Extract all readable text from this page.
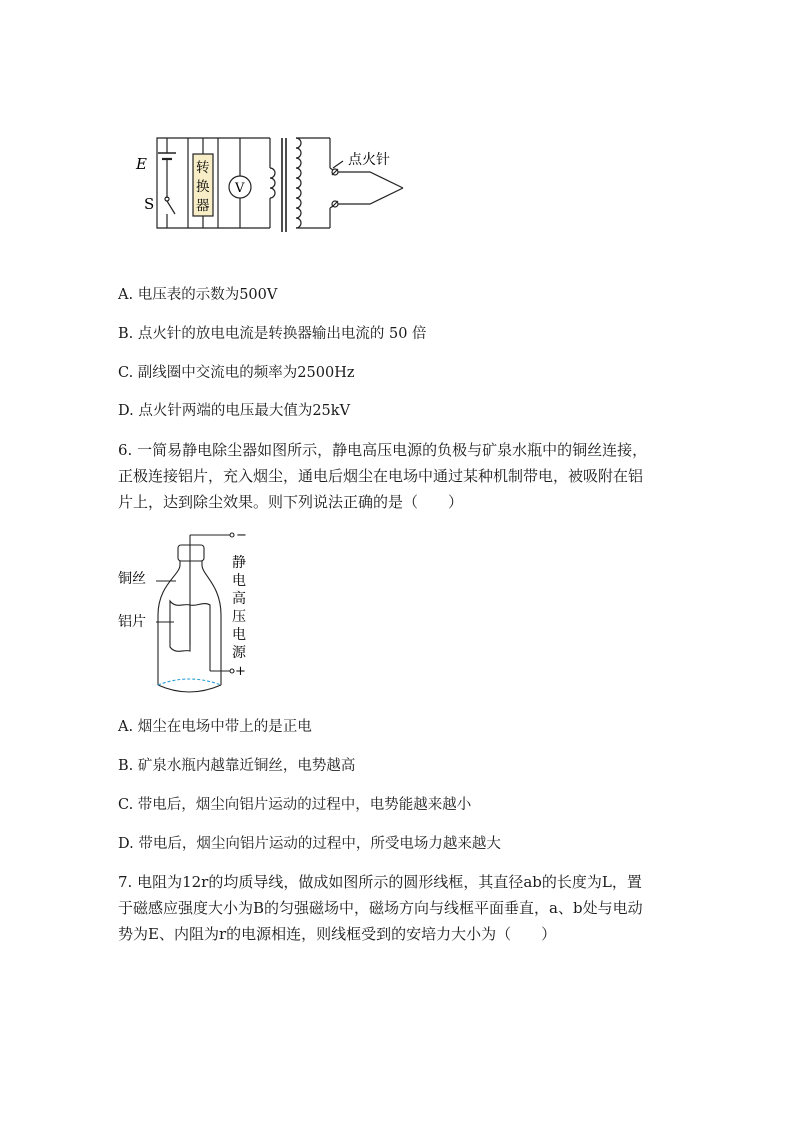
E
S
转
换
器
V
点火针
A. 电压表的示数为500V
B. 点火针的放电电流是转换器输出电流的 50 倍
C. 副线圈中交流电的频率为2500Hz
D. 点火针两端的电压最大值为25kV
6. 一简易静电除尘器如图所示，静电高压电源的负极与矿泉水瓶中的铜丝连接，
正极连接铝片，充入烟尘，通电后烟尘在电场中通过某种机制带电，被吸附在铝
片上，达到除尘效果。则下列说法正确的是（　　）
−
+
铜丝
铝片
静
电
高
压
电
源
A. 烟尘在电场中带上的是正电
B. 矿泉水瓶内越靠近铜丝，电势越高
C. 带电后，烟尘向铝片运动的过程中，电势能越来越小
D. 带电后，烟尘向铝片运动的过程中，所受电场力越来越大
7. 电阻为12r的均质导线，做成如图所示的圆形线框，其直径ab的长度为L，置
于磁感应强度大小为B的匀强磁场中，磁场方向与线框平面垂直，a、b处与电动
势为E、内阻为r的电源相连，则线框受到的安培力大小为（　　）
